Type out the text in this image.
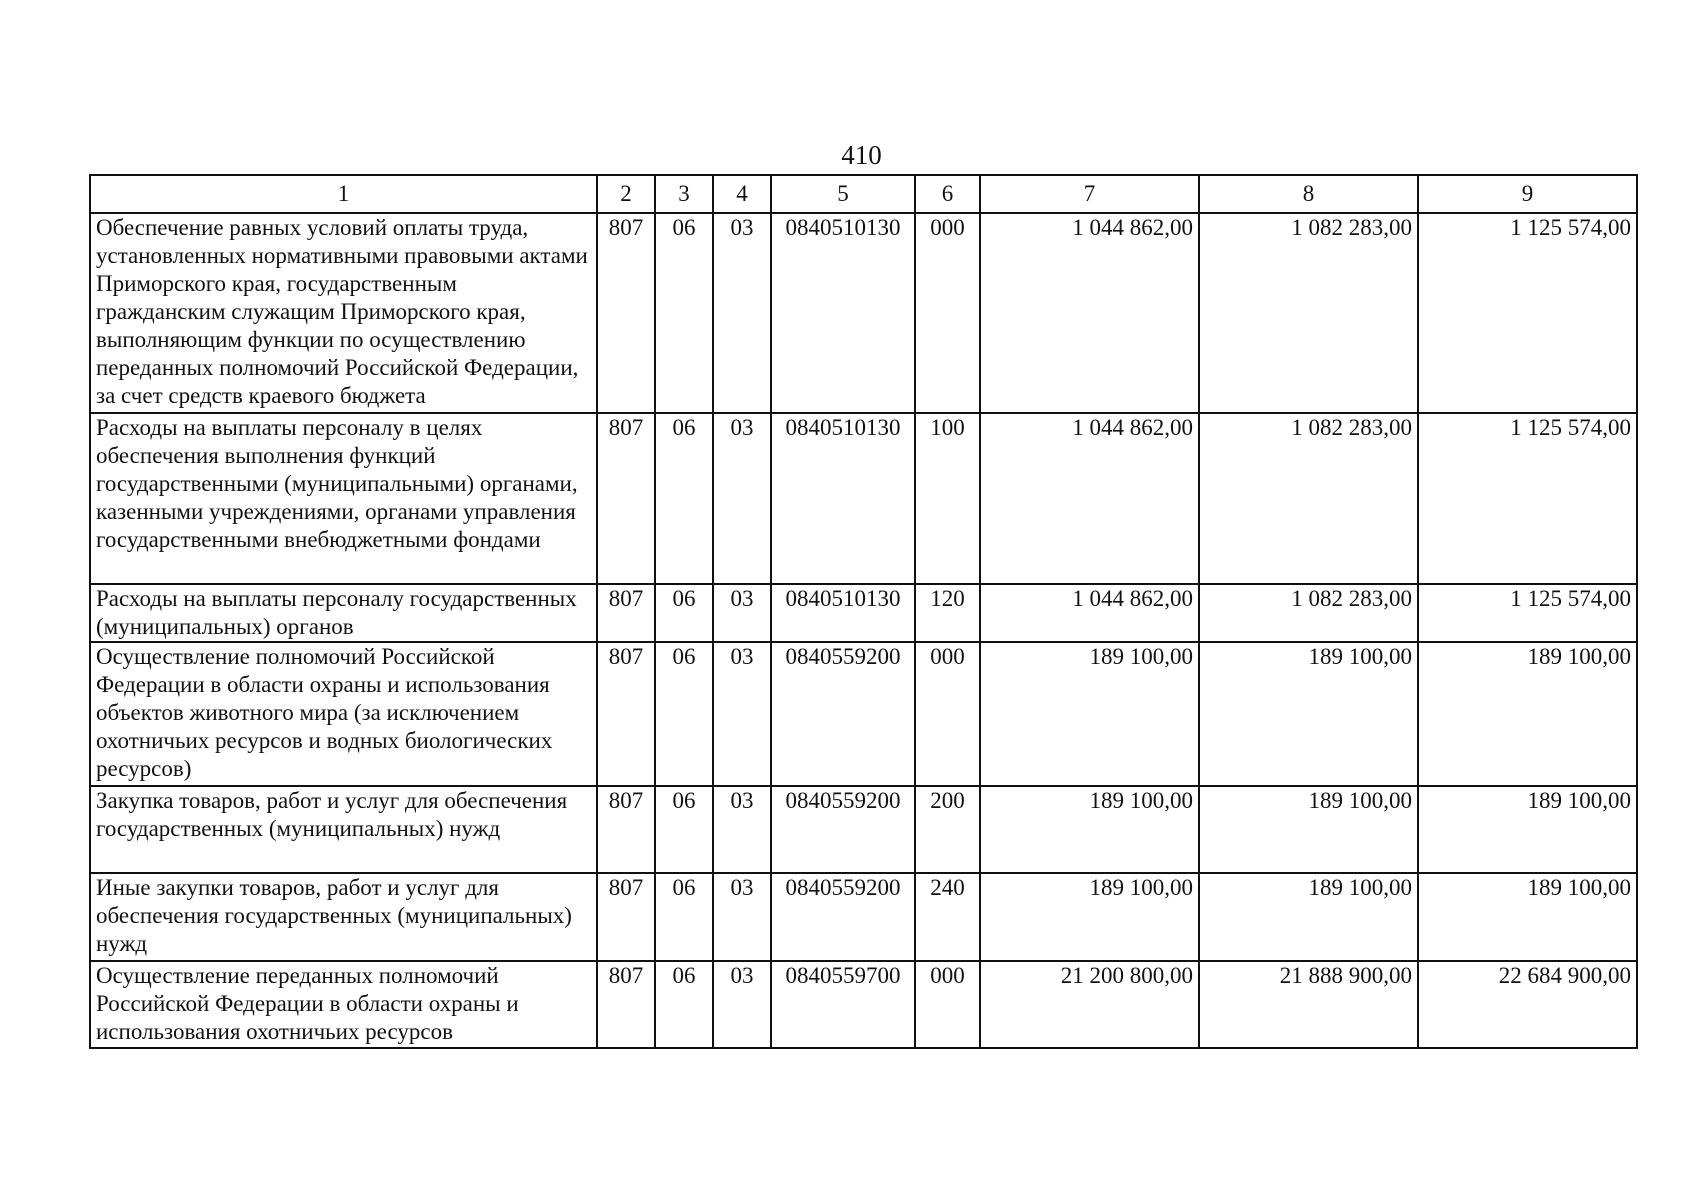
410
1	2	3	4	5	6	7	8	9
Обеспечение равных условий оплаты труда, установленных нормативными правовыми актами Приморского края, государственным гражданским служащим Приморского края, выполняющим функции по осуществлению переданных полномочий Российской Федерации, за счет средств краевого бюджета	807	06	03	0840510130	000	1 044 862,00	1 082 283,00	1 125 574,00
Расходы на выплаты персоналу в целях обеспечения выполнения функций государственными (муниципальными) органами, казенными учреждениями, органами управления государственными внебюджетными фондами	807	06	03	0840510130	100	1 044 862,00	1 082 283,00	1 125 574,00
Расходы на выплаты персоналу государственных (муниципальных) органов	807	06	03	0840510130	120	1 044 862,00	1 082 283,00	1 125 574,00
Осуществление полномочий Российской Федерации в области охраны и использования объектов животного мира (за исключением охотничьих ресурсов и водных биологических ресурсов)	807	06	03	0840559200	000	189 100,00	189 100,00	189 100,00
Закупка товаров, работ и услуг для обеспечения государственных (муниципальных) нужд	807	06	03	0840559200	200	189 100,00	189 100,00	189 100,00
Иные закупки товаров, работ и услуг для обеспечения государственных (муниципальных) нужд	807	06	03	0840559200	240	189 100,00	189 100,00	189 100,00
Осуществление переданных полномочий Российской Федерации в области охраны и использования охотничьих ресурсов	807	06	03	0840559700	000	21 200 800,00	21 888 900,00	22 684 900,00
